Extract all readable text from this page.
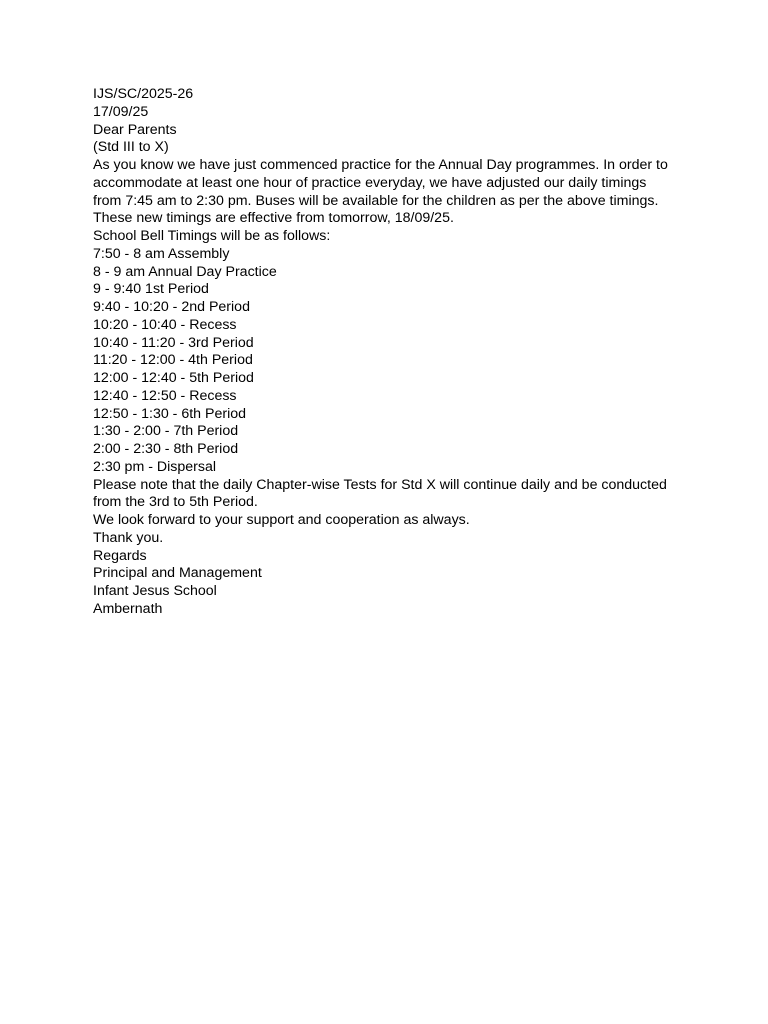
IJS/SC/2025-26
17/09/25
Dear Parents
(Std III to X)
As you know we have just commenced practice for the Annual Day programmes. In order to
accommodate at least one hour of practice everyday, we have adjusted our daily timings
from 7:45 am to 2:30 pm. Buses will be available for the children as per the above timings.
These new timings are effective from tomorrow, 18/09/25.
School Bell Timings will be as follows:
7:50 - 8 am Assembly
8 - 9 am Annual Day Practice
9 - 9:40 1st Period
9:40 - 10:20 - 2nd Period
10:20 - 10:40 - Recess
10:40 - 11:20 - 3rd Period
11:20 - 12:00 - 4th Period
12:00 - 12:40 - 5th Period
12:40 - 12:50 - Recess
12:50 - 1:30 - 6th Period
1:30 - 2:00 - 7th Period
2:00 - 2:30 - 8th Period
2:30 pm - Dispersal
Please note that the daily Chapter-wise Tests for Std X will continue daily and be conducted
from the 3rd to 5th Period.
We look forward to your support and cooperation as always.
Thank you.
Regards
Principal and Management
Infant Jesus School
Ambernath
